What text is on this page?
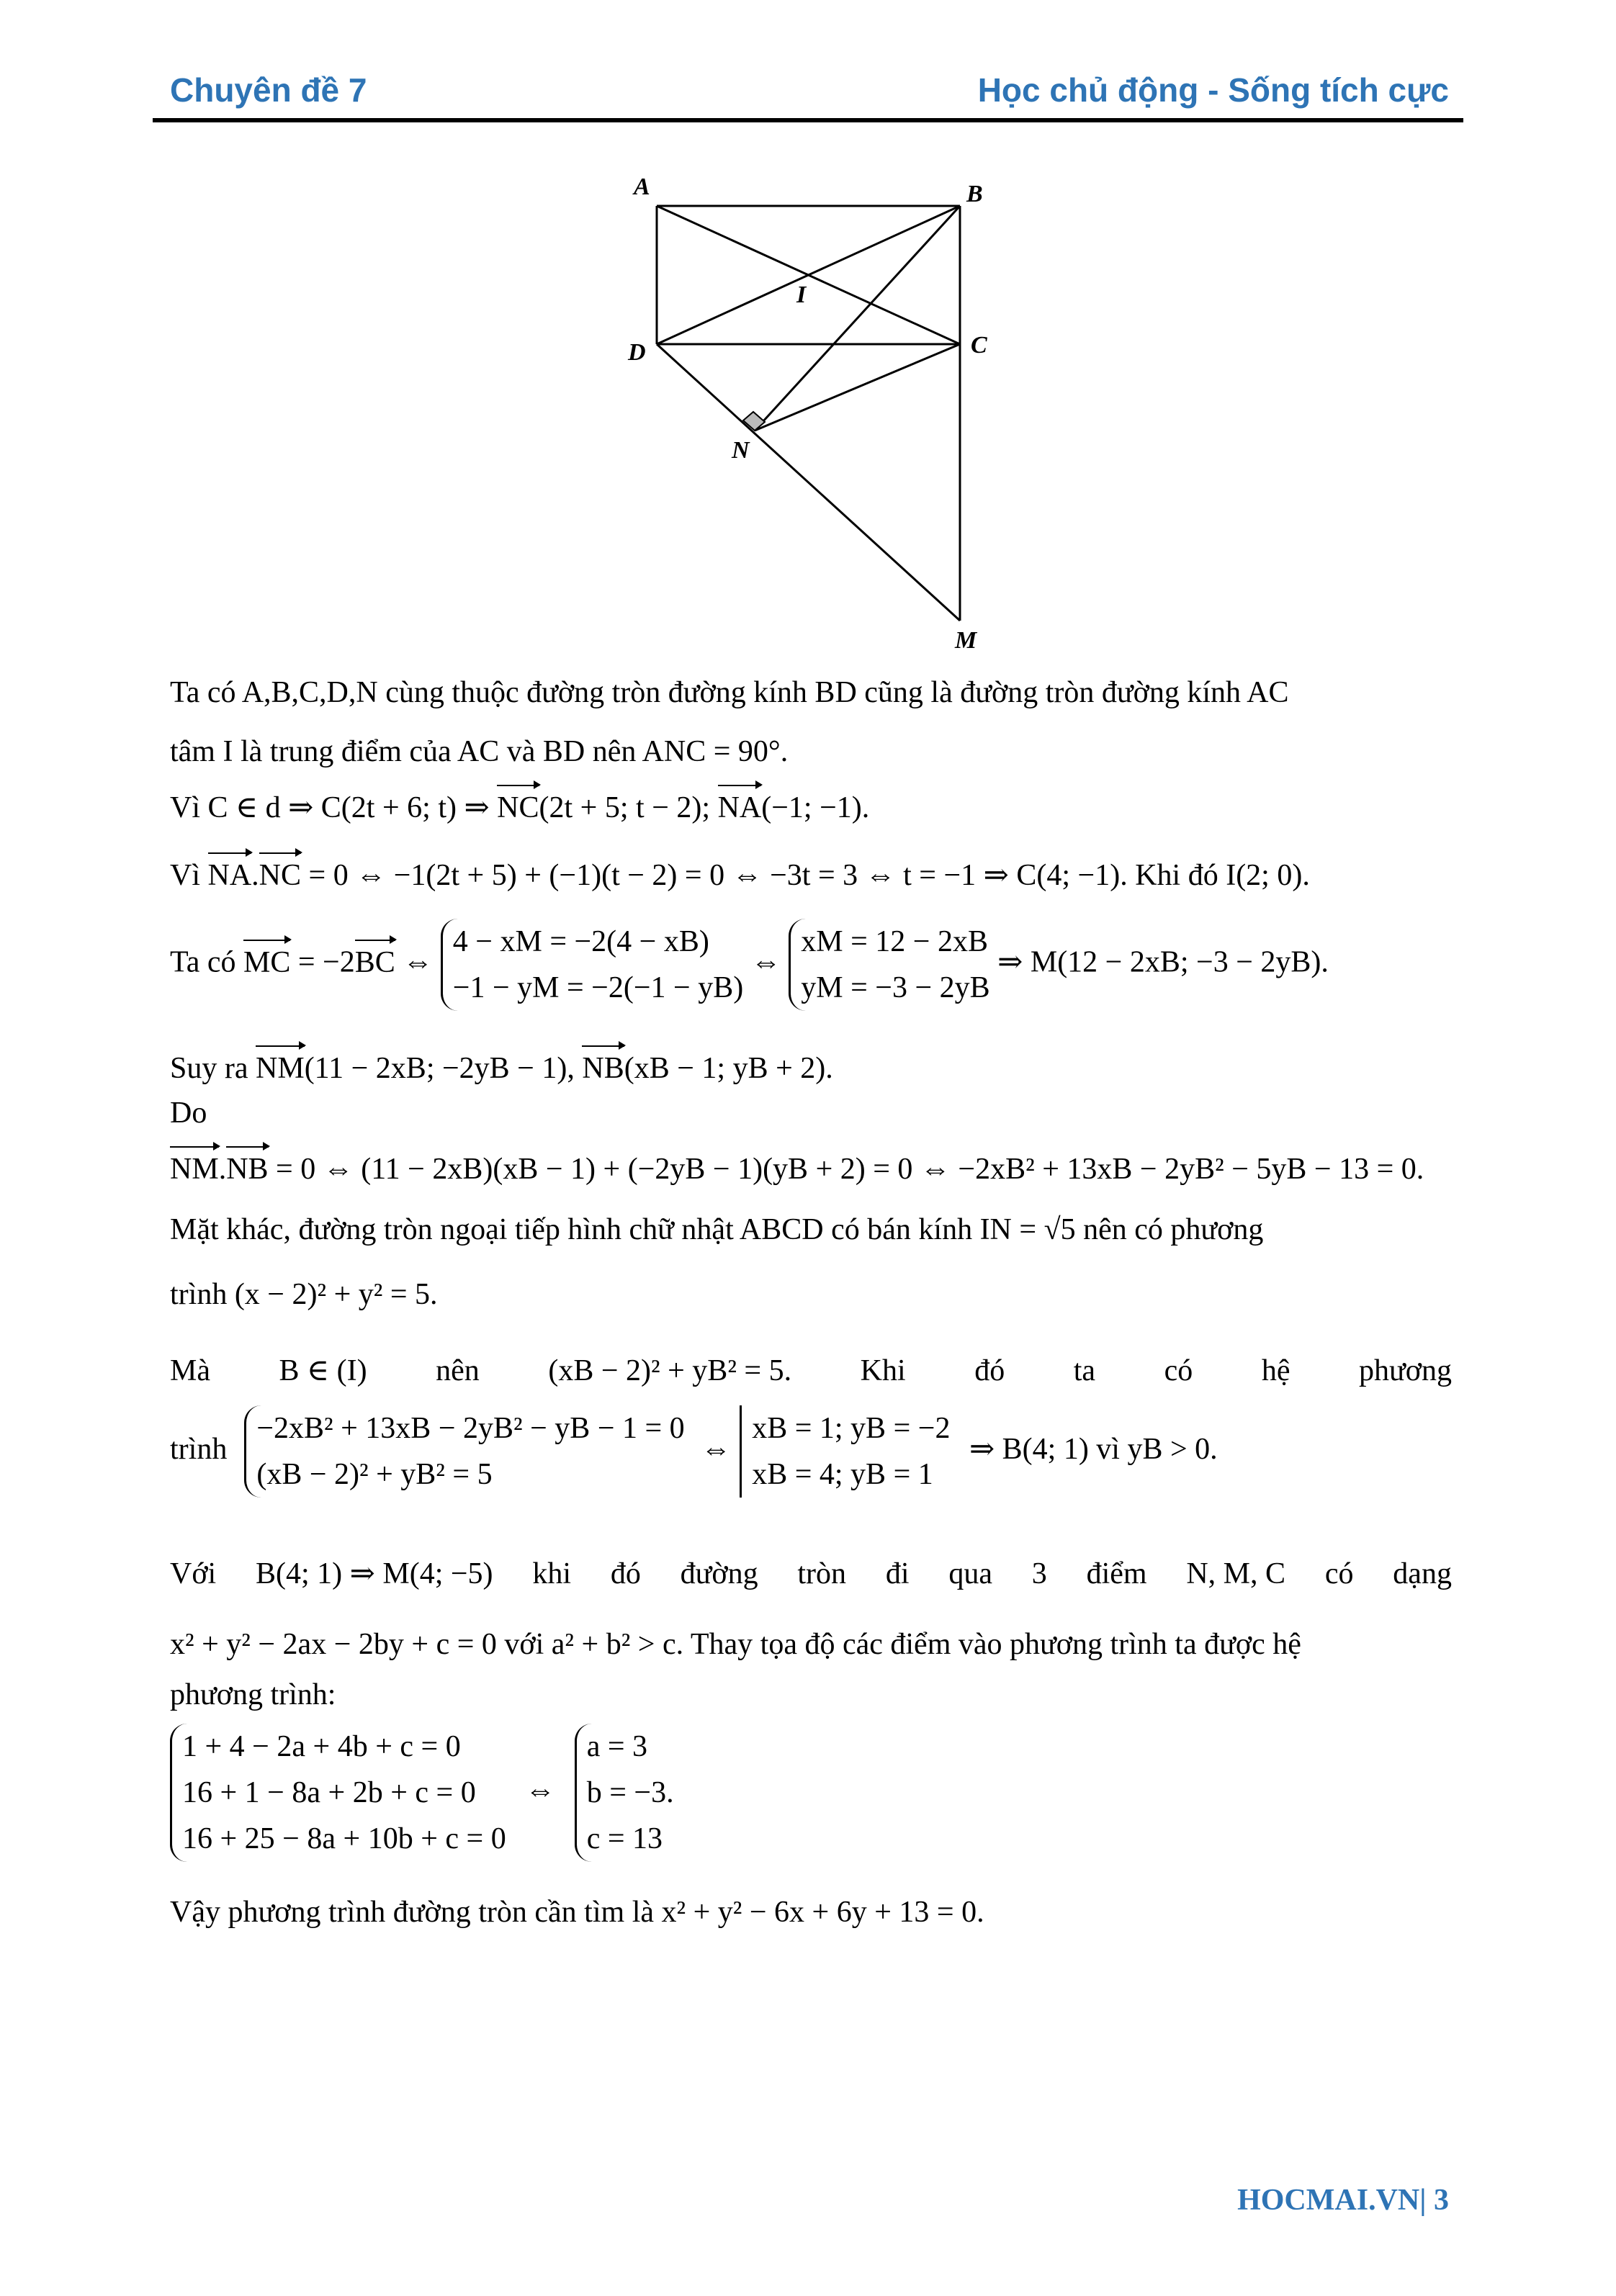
Chuyên đề 7	Học chủ động - Sống tích cực
A	B
I
D	C
N
M
Ta có A,B,C,D,N cùng thuộc đường tròn đường kính BD cũng là đường tròn đường kính AC
tâm I là trung điểm của AC và BD nên ANC = 90°.
Vì C ∈ d ⇒ C(2t + 6; t) ⇒ NC(2t + 5; t − 2); NA(−1; −1).
Vì NA.NC = 0 ⇔ −1(2t + 5) + (−1)(t − 2) = 0 ⇔ −3t = 3 ⇔ t = −1 ⇒ C(4; −1). Khi đó I(2; 0).
Ta có MC = −2BC ⇔
4 − xM = −2(4 − xB)
−1 − yM = −2(−1 − yB)
⇔
xM = 12 − 2xB
yM = −3 − 2yB
⇒ M(12 − 2xB; −3 − 2yB).
Suy ra NM(11 − 2xB; −2yB − 1), NB(xB − 1; yB + 2).
Do
NM.NB = 0 ⇔ (11 − 2xB)(xB − 1) + (−2yB − 1)(yB + 2) = 0 ⇔ −2xB² + 13xB − 2yB² − 5yB − 13 = 0.
Mặt khác, đường tròn ngoại tiếp hình chữ nhật ABCD có bán kính IN = √5 nên có phương
trình (x − 2)² + y² = 5.
Mà B ∈ (I) nên (xB − 2)² + yB² = 5. Khi đó ta có hệ phương
trình
−2xB² + 13xB − 2yB² − yB − 1 = 0
(xB − 2)² + yB² = 5
⇔
xB = 1; yB = −2
xB = 4; yB = 1
⇒ B(4; 1) vì yB > 0.
Với B(4; 1) ⇒ M(4; −5) khi đó đường tròn đi qua 3 điểm N, M, C có dạng
x² + y² − 2ax − 2by + c = 0 với a² + b² > c. Thay tọa độ các điểm vào phương trình ta được hệ
phương trình:
1 + 4 − 2a + 4b + c = 0
16 + 1 − 8a + 2b + c = 0
16 + 25 − 8a + 10b + c = 0
⇔
a = 3
b = −3.
c = 13
Vậy phương trình đường tròn cần tìm là x² + y² − 6x + 6y + 13 = 0.
HOCMAI.VN| 3
